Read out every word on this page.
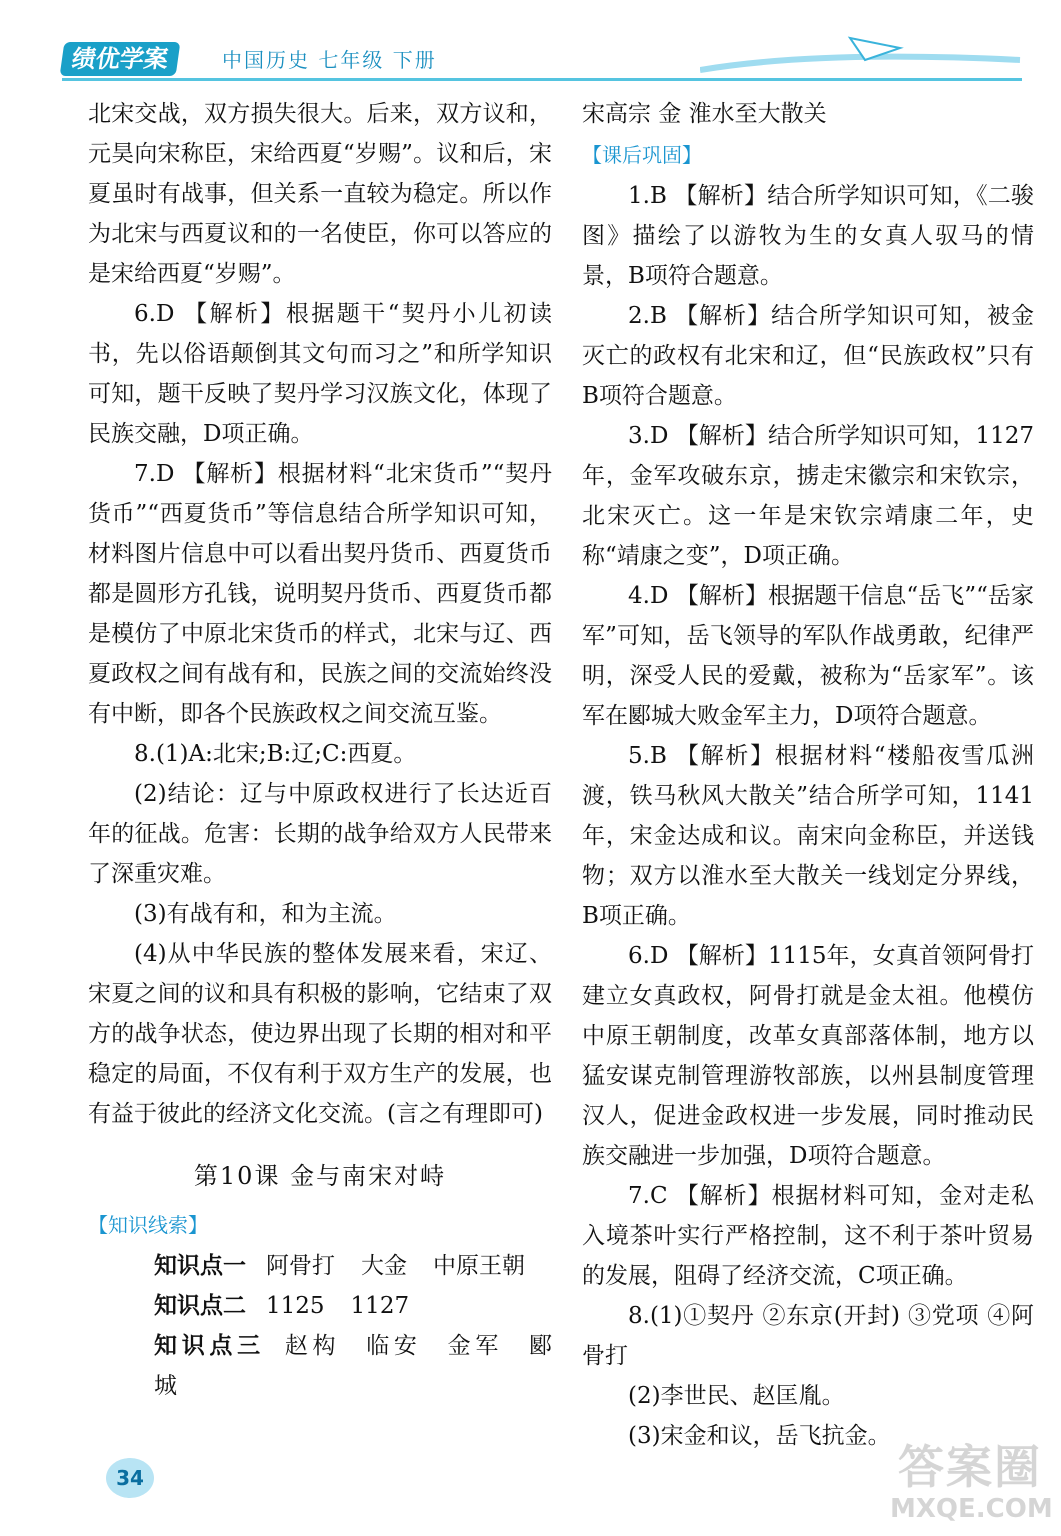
绩优学案	中国历史 七年级 下册

北宋交战，双方损失很大。后来，双方议和，元昊向宋称臣，宋给西夏“岁赐”。议和后，宋夏虽时有战事，但关系一直较为稳定。所以作为北宋与西夏议和的一名使臣，你可以答应的是宋给西夏“岁赐”。

6.D 【解析】根据题干“契丹小儿初读书，先以俗语颠倒其文句而习之”和所学知识可知，题干反映了契丹学习汉族文化，体现了民族交融，D项正确。

7.D 【解析】根据材料“北宋货币”“契丹货币”“西夏货币”等信息结合所学知识可知，材料图片信息中可以看出契丹货币、西夏货币都是圆形方孔钱，说明契丹货币、西夏货币都是模仿了中原北宋货币的样式，北宋与辽、西夏政权之间有战有和，民族之间的交流始终没有中断，即各个民族政权之间交流互鉴。

8.(1)A:北宋;B:辽;C:西夏。

(2)结论：辽与中原政权进行了长达近百年的征战。危害：长期的战争给双方人民带来了深重灾难。

(3)有战有和，和为主流。

(4)从中华民族的整体发展来看，宋辽、宋夏之间的议和具有积极的影响，它结束了双方的战争状态，使边界出现了长期的相对和平稳定的局面，不仅有利于双方生产的发展，也有益于彼此的经济文化交流。(言之有理即可)

第10课 金与南宋对峙

【知识线索】

知识点一 阿骨打 大金 中原王朝

知识点二 1125 1127

知识点三 赵构 临安 金军 郾城

宋高宗 金 淮水至大散关

【课后巩固】

1.B 【解析】结合所学知识可知，《二骏图》描绘了以游牧为生的女真人驭马的情景，B项符合题意。

2.B 【解析】结合所学知识可知，被金灭亡的政权有北宋和辽，但“民族政权”只有B项符合题意。

3.D 【解析】结合所学知识可知，1127年，金军攻破东京，掳走宋徽宗和宋钦宗，北宋灭亡。这一年是宋钦宗靖康二年，史称“靖康之变”，D项正确。

4.D 【解析】根据题干信息“岳飞”“岳家军”可知，岳飞领导的军队作战勇敢，纪律严明，深受人民的爱戴，被称为“岳家军”。该军在郾城大败金军主力，D项符合题意。

5.B 【解析】根据材料“楼船夜雪瓜洲渡，铁马秋风大散关”结合所学可知，1141年，宋金达成和议。南宋向金称臣，并送钱物；双方以淮水至大散关一线划定分界线，B项正确。

6.D 【解析】1115年，女真首领阿骨打建立女真政权，阿骨打就是金太祖。他模仿中原王朝制度，改革女真部落体制，地方以猛安谋克制管理游牧部族，以州县制度管理汉人，促进金政权进一步发展，同时推动民族交融进一步加强，D项符合题意。

7.C 【解析】根据材料可知，金对走私入境茶叶实行严格控制，这不利于茶叶贸易的发展，阻碍了经济交流，C项正确。

8.(1)①契丹 ②东京(开封) ③党项 ④阿骨打

(2)李世民、赵匡胤。

(3)宋金和议，岳飞抗金。

34	答案圈
MXQE.COM
